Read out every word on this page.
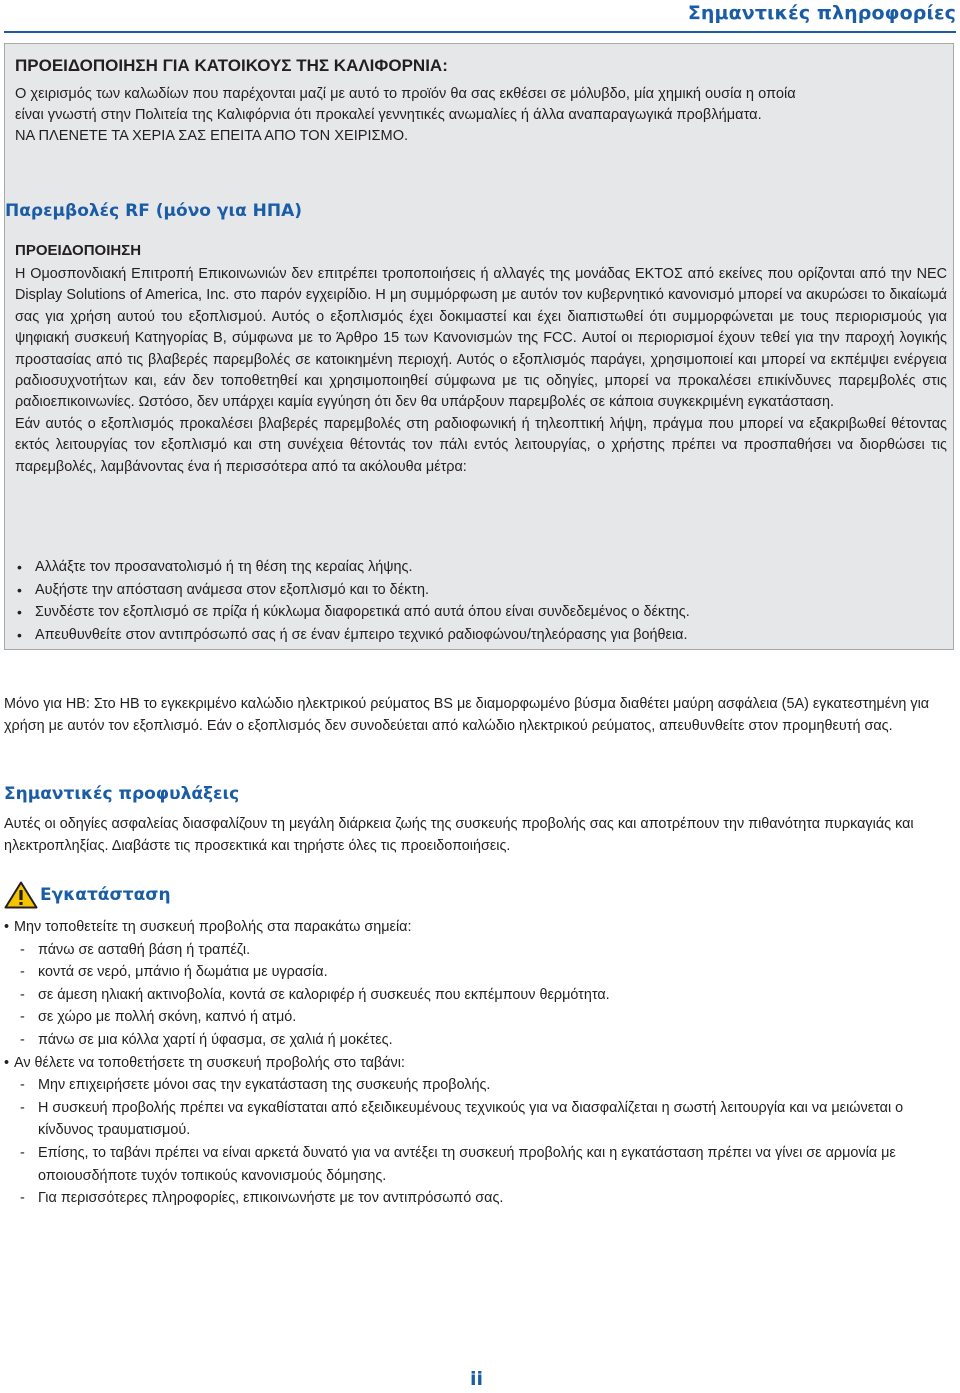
Σημαντικές πληροφορίες
ΠΡΟΕΙΔΟΠΟΙΗΣΗ ΓΙΑ ΚΑΤΟΙΚΟΥΣ ΤΗΣ ΚΑΛΙΦΟΡΝΙΑ:

Ο χειρισμός των καλωδίων που παρέχονται μαζί με αυτό το προϊόν θα σας εκθέσει σε μόλυβδο, μία χημική ουσία η οποία

είναι γνωστή στην Πολιτεία της Καλιφόρνια ότι προκαλεί γεννητικές ανωμαλίες ή άλλα αναπαραγωγικά προβλήματα.

ΝΑ ΠΛΕΝΕΤΕ ΤΑ ΧΕΡΙΑ ΣΑΣ ΕΠΕΙΤΑ ΑΠΟ ΤΟΝ ΧΕΙΡΙΣΜΟ.

Παρεμβολές RF (μόνο για ΗΠΑ)
ΠΡΟΕΙΔΟΠΟΙΗΣΗ

Η Ομοσπονδιακή Επιτροπή Επικοινωνιών δεν επιτρέπει τροποποιήσεις ή αλλαγές της μονάδας ΕΚΤΟΣ από εκείνες που ορίζονται από την NEC Display Solutions of America, Inc. στο παρόν εγχειρίδιο. Η μη συμμόρφωση με αυτόν τον κυβερνητικό κανονισμό μπορεί να ακυρώσει το δικαίωμά σας για χρήση αυτού του εξοπλισμού. Αυτός ο εξοπλισμός έχει δοκιμαστεί και έχει διαπιστωθεί ότι συμμορφώνεται με τους περιορισμούς για ψηφιακή συσκευή Κατηγορίας B, σύμφωνα με το Άρθρο 15 των Κανονισμών της FCC. Αυτοί οι περιορισμοί έχουν τεθεί για την παροχή λογικής προστασίας από τις βλαβερές παρεμβολές σε κατοικημένη περιοχή. Αυτός ο εξοπλισμός παράγει, χρησιμοποιεί και μπορεί να εκπέμψει ενέργεια ραδιοσυχνοτήτων και, εάν δεν τοποθετηθεί και χρησιμοποιηθεί σύμφωνα με τις οδηγίες, μπορεί να προκαλέσει επικίνδυνες παρεμβολές στις ραδιοεπικοινωνίες. Ωστόσο, δεν υπάρχει καμία εγγύηση ότι δεν θα υπάρξουν παρεμβολές σε κάποια συγκεκριμένη εγκατάσταση.

Εάν αυτός ο εξοπλισμός προκαλέσει βλαβερές παρεμβολές στη ραδιοφωνική ή τηλεοπτική λήψη, πράγμα που μπορεί να εξακριβωθεί θέτοντας εκτός λειτουργίας τον εξοπλισμό και στη συνέχεια θέτοντάς τον πάλι εντός λειτουργίας, ο χρήστης πρέπει να προσπαθήσει να διορθώσει τις παρεμβολές, λαμβάνοντας ένα ή περισσότερα από τα ακόλουθα μέτρα:

• Αλλάξτε τον προσανατολισμό ή τη θέση της κεραίας λήψης.
• Αυξήστε την απόσταση ανάμεσα στον εξοπλισμό και το δέκτη.
• Συνδέστε τον εξοπλισμό σε πρίζα ή κύκλωμα διαφορετικά από αυτά όπου είναι συνδεδεμένος ο δέκτης.
• Απευθυνθείτε στον αντιπρόσωπό σας ή σε έναν έμπειρο τεχνικό ραδιοφώνου/τηλεόρασης για βοήθεια.

Μόνο για ΗΒ: Στο ΗΒ το εγκεκριμένο καλώδιο ηλεκτρικού ρεύματος BS με διαμορφωμένο βύσμα διαθέτει μαύρη ασφάλεια (5A) εγκατεστημένη για χρήση με αυτόν τον εξοπλισμό. Εάν ο εξοπλισμός δεν συνοδεύεται από καλώδιο ηλεκτρικού ρεύματος, απευθυνθείτε στον προμηθευτή σας.

Σημαντικές προφυλάξεις

Αυτές οι οδηγίες ασφαλείας διασφαλίζουν τη μεγάλη διάρκεια ζωής της συσκευής προβολής σας και αποτρέπουν την πιθανότητα πυρκαγιάς και ηλεκτροπληξίας. Διαβάστε τις προσεκτικά και τηρήστε όλες τις προειδοποιήσεις.

Εγκατάσταση
• Μην τοποθετείτε τη συσκευή προβολής στα παρακάτω σημεία:
- πάνω σε ασταθή βάση ή τραπέζι.
- κοντά σε νερό, μπάνιο ή δωμάτια με υγρασία.
- σε άμεση ηλιακή ακτινοβολία, κοντά σε καλοριφέρ ή συσκευές που εκπέμπουν θερμότητα.
- σε χώρο με πολλή σκόνη, καπνό ή ατμό.
- πάνω σε μια κόλλα χαρτί ή ύφασμα, σε χαλιά ή μοκέτες.
• Αν θέλετε να τοποθετήσετε τη συσκευή προβολής στο ταβάνι:
- Μην επιχειρήσετε μόνοι σας την εγκατάσταση της συσκευής προβολής.
- Η συσκευή προβολής πρέπει να εγκαθίσταται από εξειδικευμένους τεχνικούς για να διασφαλίζεται η σωστή λειτουργία και να μειώνεται ο κίνδυνος τραυματισμού.
- Επίσης, το ταβάνι πρέπει να είναι αρκετά δυνατό για να αντέξει τη συσκευή προβολής και η εγκατάσταση πρέπει να γίνει σε αρμονία με οποιουσδήποτε τυχόν τοπικούς κανονισμούς δόμησης.
- Για περισσότερες πληροφορίες, επικοινωνήστε με τον αντιπρόσωπό σας.
ii
